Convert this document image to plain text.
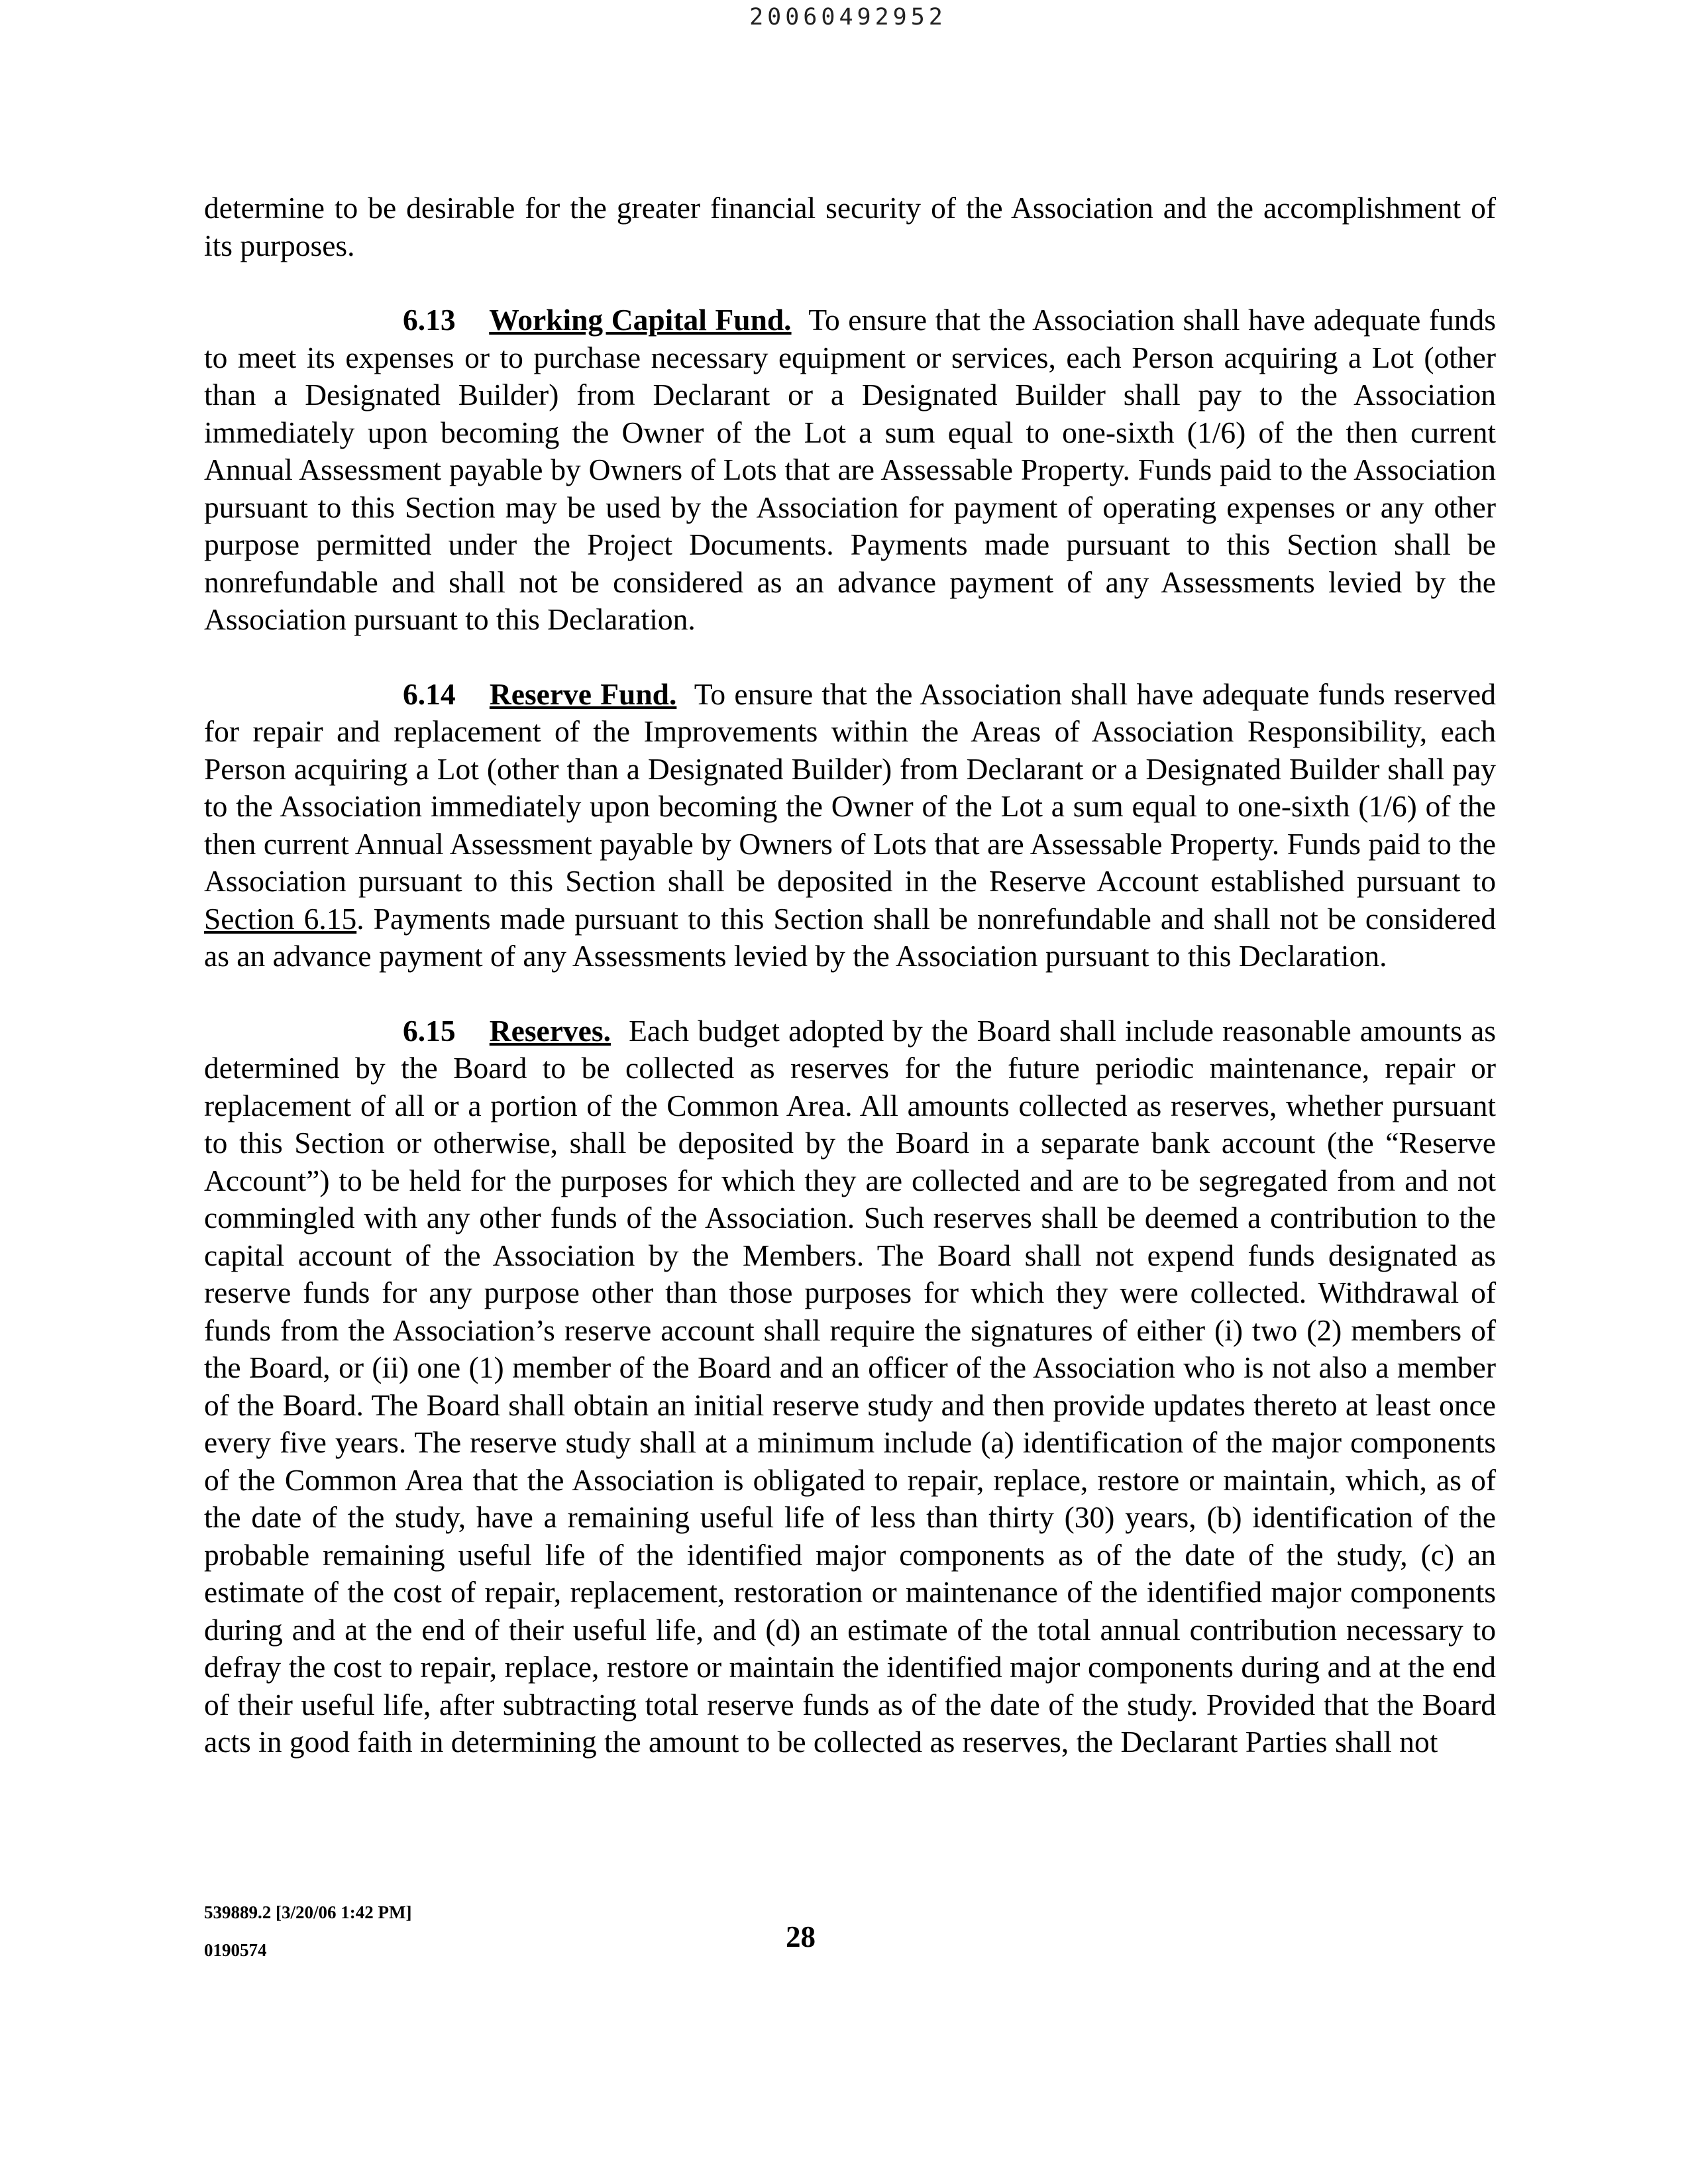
20060492952

determine to be desirable for the greater financial security of the Association and the accomplishment of its purposes.

6.13 Working Capital Fund. To ensure that the Association shall have adequate funds to meet its expenses or to purchase necessary equipment or services, each Person acquiring a Lot (other than a Designated Builder) from Declarant or a Designated Builder shall pay to the Association immediately upon becoming the Owner of the Lot a sum equal to one-sixth (1/6) of the then current Annual Assessment payable by Owners of Lots that are Assessable Property. Funds paid to the Association pursuant to this Section may be used by the Association for payment of operating expenses or any other purpose permitted under the Project Documents. Payments made pursuant to this Section shall be nonrefundable and shall not be considered as an advance payment of any Assessments levied by the Association pursuant to this Declaration.

6.14 Reserve Fund. To ensure that the Association shall have adequate funds reserved for repair and replacement of the Improvements within the Areas of Association Responsibility, each Person acquiring a Lot (other than a Designated Builder) from Declarant or a Designated Builder shall pay to the Association immediately upon becoming the Owner of the Lot a sum equal to one-sixth (1/6) of the then current Annual Assessment payable by Owners of Lots that are Assessable Property. Funds paid to the Association pursuant to this Section shall be deposited in the Reserve Account established pursuant to Section 6.15. Payments made pursuant to this Section shall be nonrefundable and shall not be considered as an advance payment of any Assessments levied by the Association pursuant to this Declaration.

6.15 Reserves. Each budget adopted by the Board shall include reasonable amounts as determined by the Board to be collected as reserves for the future periodic maintenance, repair or replacement of all or a portion of the Common Area. All amounts collected as reserves, whether pursuant to this Section or otherwise, shall be deposited by the Board in a separate bank account (the “Reserve Account”) to be held for the purposes for which they are collected and are to be segregated from and not commingled with any other funds of the Association. Such reserves shall be deemed a contribution to the capital account of the Association by the Members. The Board shall not expend funds designated as reserve funds for any purpose other than those purposes for which they were collected. Withdrawal of funds from the Association’s reserve account shall require the signatures of either (i) two (2) members of the Board, or (ii) one (1) member of the Board and an officer of the Association who is not also a member of the Board. The Board shall obtain an initial reserve study and then provide updates thereto at least once every five years. The reserve study shall at a minimum include (a) identification of the major components of the Common Area that the Association is obligated to repair, replace, restore or maintain, which, as of the date of the study, have a remaining useful life of less than thirty (30) years, (b) identification of the probable remaining useful life of the identified major components as of the date of the study, (c) an estimate of the cost of repair, replacement, restoration or maintenance of the identified major components during and at the end of their useful life, and (d) an estimate of the total annual contribution necessary to defray the cost to repair, replace, restore or maintain the identified major components during and at the end of their useful life, after subtracting total reserve funds as of the date of the study. Provided that the Board acts in good faith in determining the amount to be collected as reserves, the Declarant Parties shall not

539889.2 [3/20/06 1:42 PM]
0190574	28
